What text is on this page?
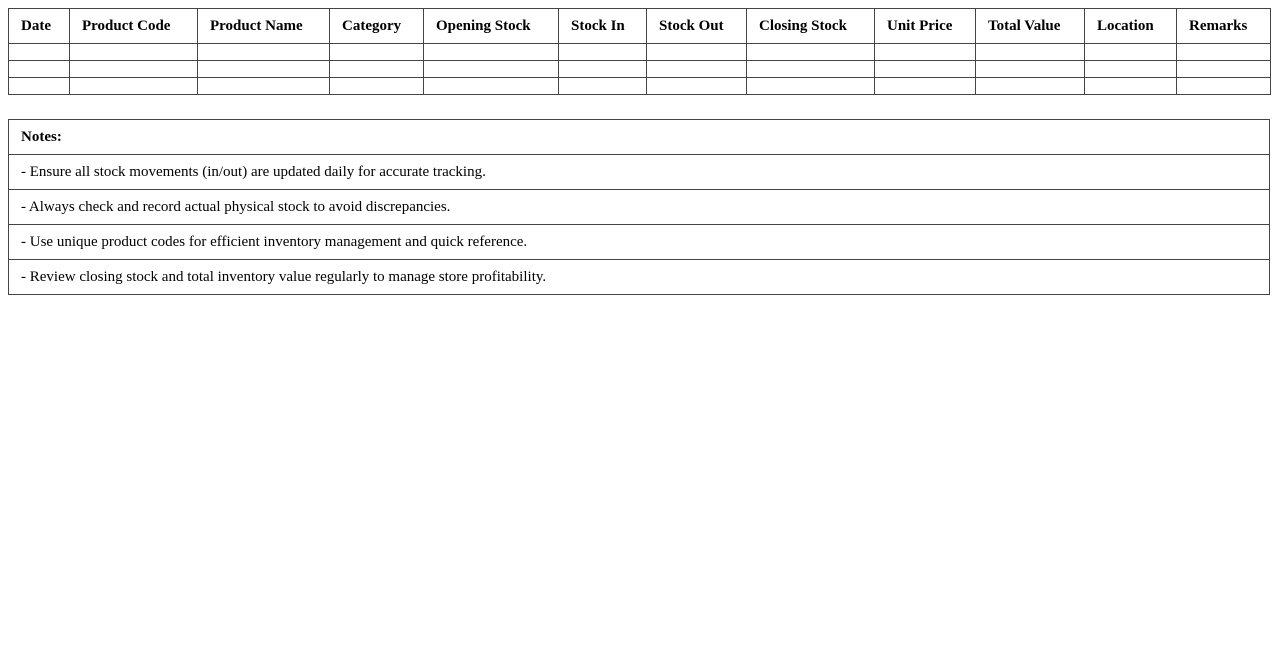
Date	Product Code	Product Name	Category	Opening Stock	Stock In	Stock Out	Closing Stock	Unit Price	Total Value	Location	Remarks

Notes:
- Ensure all stock movements (in/out) are updated daily for accurate tracking.
- Always check and record actual physical stock to avoid discrepancies.
- Use unique product codes for efficient inventory management and quick reference.
- Review closing stock and total inventory value regularly to manage store profitability.
